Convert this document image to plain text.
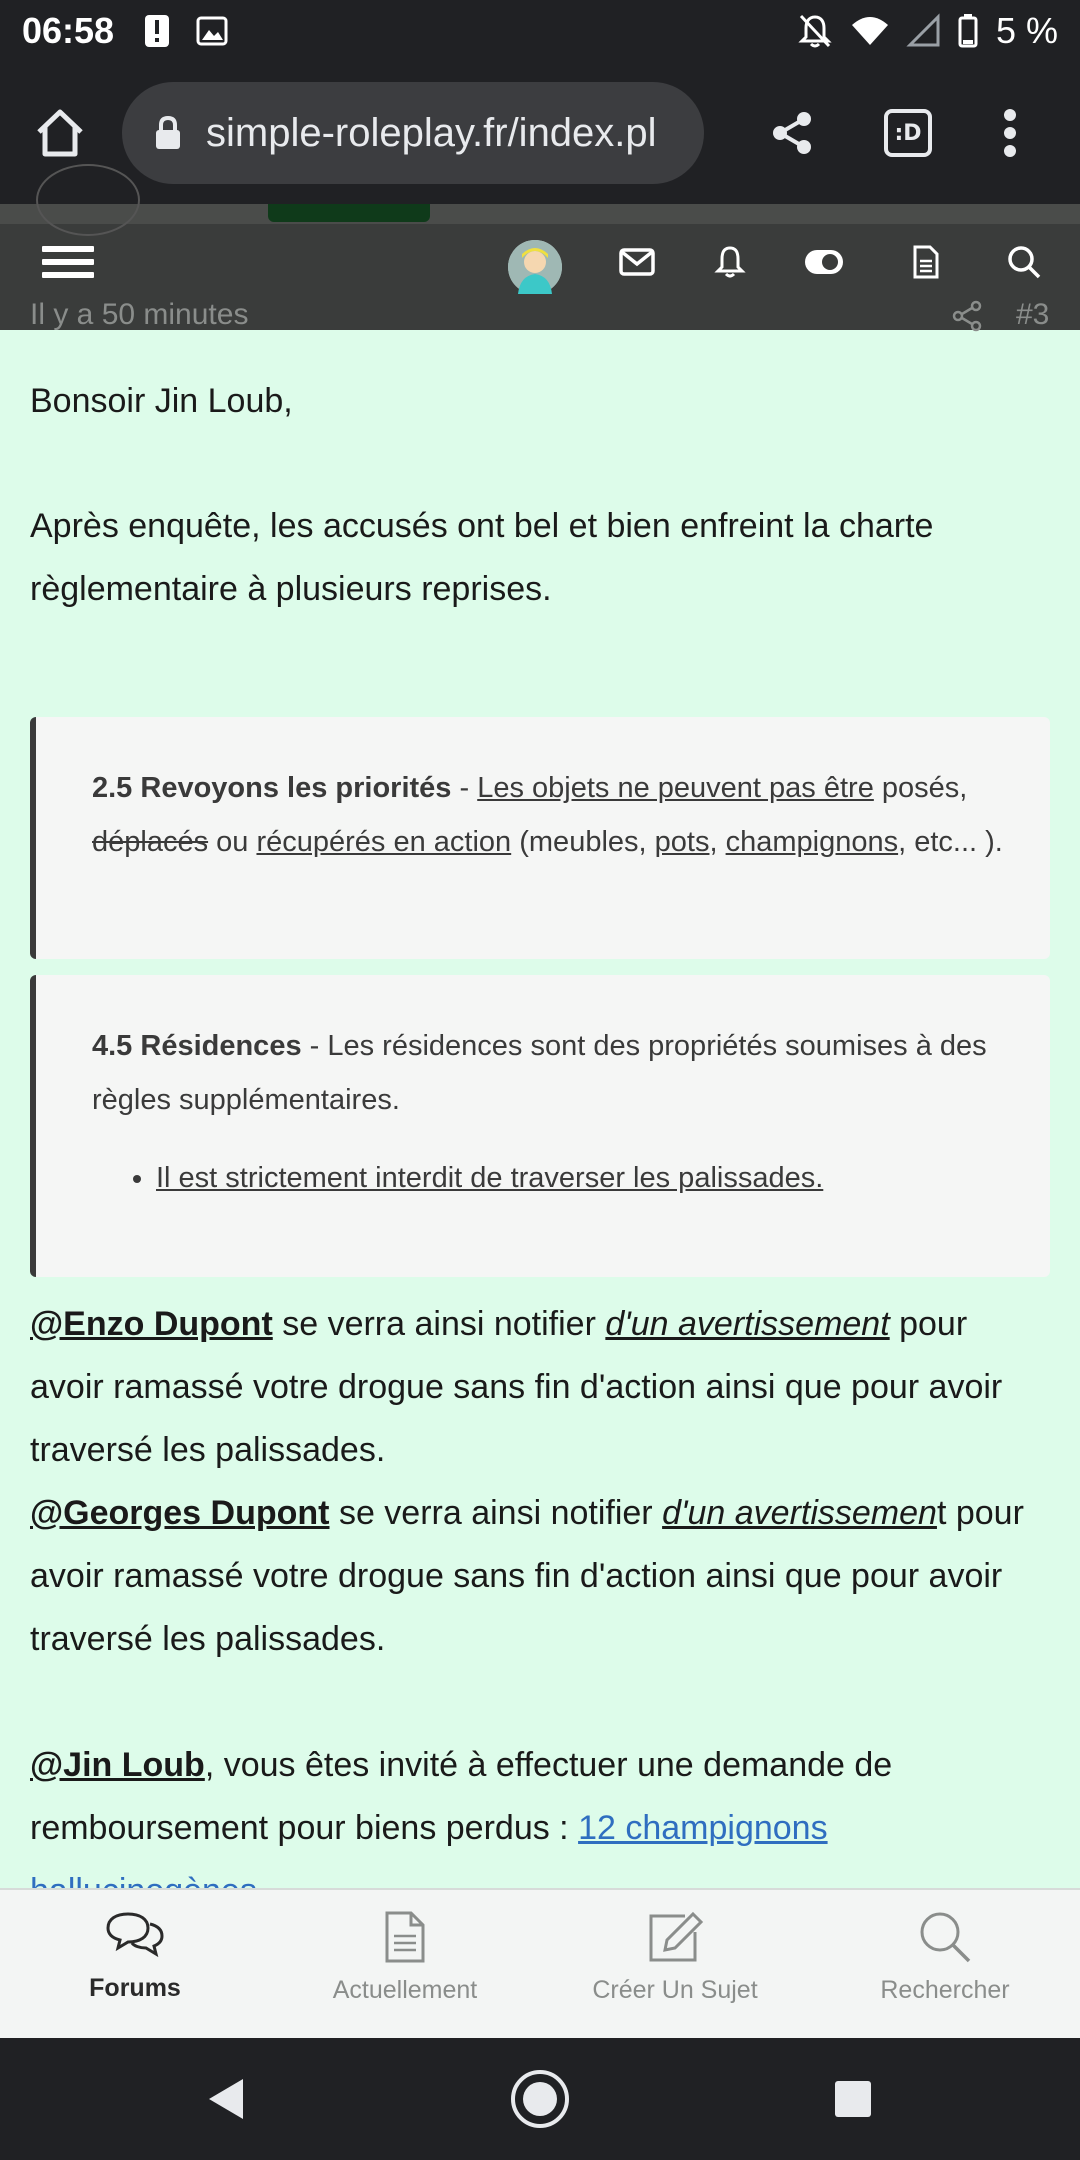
06:58	5 %
simple-roleplay.fr/index.pl	:D
Il y a 50 minutes	#3
Bonsoir Jin Loub,
Après enquête, les accusés ont bel et bien enfreint la charte règlementaire à plusieurs reprises.
2.5 Revoyons les priorités - Les objets ne peuvent pas être posés, déplacés ou récupérés en action (meubles, pots, champignons, etc... ).
4.5 Résidences - Les résidences sont des propriétés soumises à des règles supplémentaires.
• Il est strictement interdit de traverser les palissades.
@Enzo Dupont se verra ainsi notifier d'un avertissement pour avoir ramassé votre drogue sans fin d'action ainsi que pour avoir traversé les palissades.
@Georges Dupont se verra ainsi notifier d'un avertissement pour avoir ramassé votre drogue sans fin d'action ainsi que pour avoir traversé les palissades.
@Jin Loub, vous êtes invité à effectuer une demande de remboursement pour biens perdus : 12 champignons
Forums	Actuellement	Créer Un Sujet	Rechercher
